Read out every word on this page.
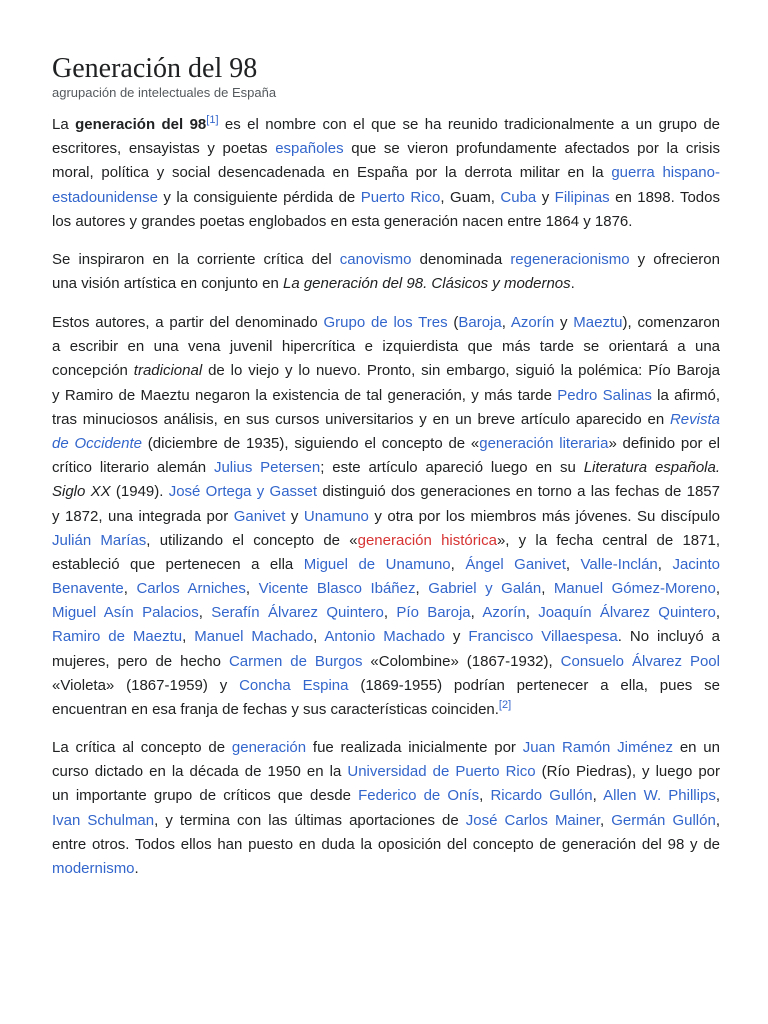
Generación del 98
agrupación de intelectuales de España
La generación del 98[1] es el nombre con el que se ha reunido tradicionalmente a un grupo de
escritores, ensayistas y poetas españoles que se vieron profundamente afectados por la crisis
moral, política y social desencadenada en España por la derrota militar en la guerra hispano-
estadounidense y la consiguiente pérdida de Puerto Rico, Guam, Cuba y Filipinas en 1898. Todos
los autores y grandes poetas englobados en esta generación nacen entre 1864 y 1876.
Se inspiraron en la corriente crítica del canovismo denominada regeneracionismo y ofrecieron
una visión artística en conjunto en La generación del 98. Clásicos y modernos.
Estos autores, a partir del denominado Grupo de los Tres (Baroja, Azorín y Maeztu), comenzaron
a escribir en una vena juvenil hipercrítica e izquierdista que más tarde se orientará a una
concepción tradicional de lo viejo y lo nuevo. Pronto, sin embargo, siguió la polémica: Pío Baroja
y Ramiro de Maeztu negaron la existencia de tal generación, y más tarde Pedro Salinas la afirmó,
tras minuciosos análisis, en sus cursos universitarios y en un breve artículo aparecido en Revista
de Occidente (diciembre de 1935), siguiendo el concepto de «generación literaria» definido por el
crítico literario alemán Julius Petersen; este artículo apareció luego en su Literatura española.
Siglo XX (1949). José Ortega y Gasset distinguió dos generaciones en torno a las fechas de 1857
y 1872, una integrada por Ganivet y Unamuno y otra por los miembros más jóvenes. Su discípulo
Julián Marías, utilizando el concepto de «generación histórica», y la fecha central de 1871,
estableció que pertenecen a ella Miguel de Unamuno, Ángel Ganivet, Valle-Inclán, Jacinto
Benavente, Carlos Arniches, Vicente Blasco Ibáñez, Gabriel y Galán, Manuel Gómez-Moreno,
Miguel Asín Palacios, Serafín Álvarez Quintero, Pío Baroja, Azorín, Joaquín Álvarez Quintero,
Ramiro de Maeztu, Manuel Machado, Antonio Machado y Francisco Villaespesa. No incluyó a
mujeres, pero de hecho Carmen de Burgos «Colombine» (1867-1932), Consuelo Álvarez Pool
«Violeta» (1867-1959) y Concha Espina (1869-1955) podrían pertenecer a ella, pues se
encuentran en esa franja de fechas y sus características coinciden.[2]
La crítica al concepto de generación fue realizada inicialmente por Juan Ramón Jiménez en un
curso dictado en la década de 1950 en la Universidad de Puerto Rico (Río Piedras), y luego por
un importante grupo de críticos que desde Federico de Onís, Ricardo Gullón, Allen W. Phillips,
Ivan Schulman, y termina con las últimas aportaciones de José Carlos Mainer, Germán Gullón,
entre otros. Todos ellos han puesto en duda la oposición del concepto de generación del 98 y de
modernismo.
